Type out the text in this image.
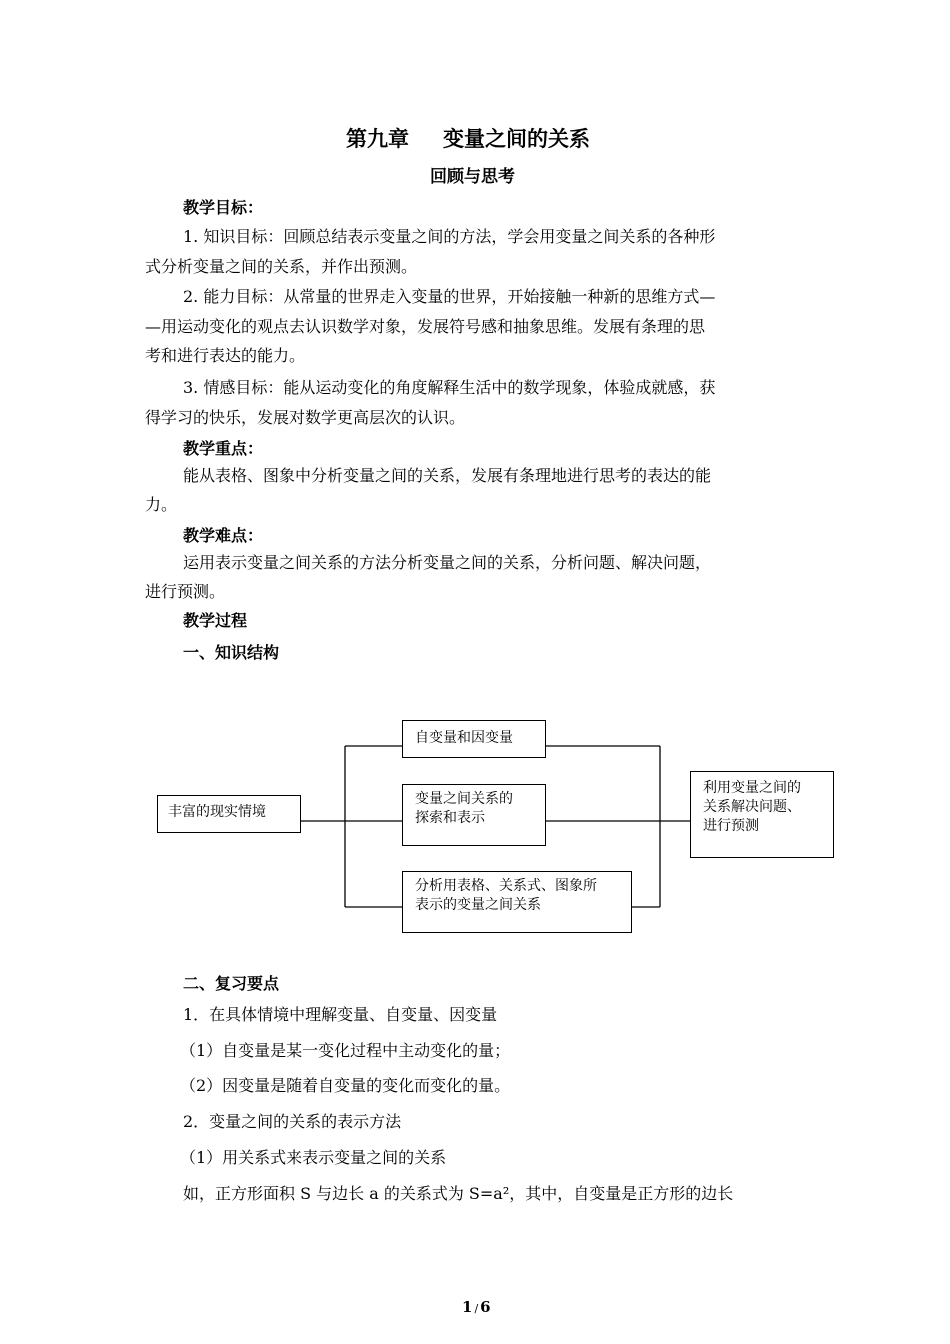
第九章 变量之间的关系
回顾与思考
教学目标：
1. 知识目标：回顾总结表示变量之间的方法，学会用变量之间关系的各种形
式分析变量之间的关系，并作出预测。
2. 能力目标：从常量的世界走入变量的世界，开始接触一种新的思维方式—
—用运动变化的观点去认识数学对象，发展符号感和抽象思维。发展有条理的思
考和进行表达的能力。
3. 情感目标：能从运动变化的角度解释生活中的数学现象，体验成就感，获
得学习的快乐，发展对数学更高层次的认识。
教学重点：
能从表格、图象中分析变量之间的关系，发展有条理地进行思考的表达的能
力。
教学难点：
运用表示变量之间关系的方法分析变量之间的关系，分析问题、解决问题，
进行预测。
教学过程
一、知识结构
丰富的现实情境
自变量和因变量
变量之间关系的
探索和表示
分析用表格、关系式、图象所
表示的变量之间关系
利用变量之间的
关系解决问题、
进行预测
二、复习要点
1．在具体情境中理解变量、自变量、因变量
（1）自变量是某一变化过程中主动变化的量；
（2）因变量是随着自变量的变化而变化的量。
2．变量之间的关系的表示方法
（1）用关系式来表示变量之间的关系
如，正方形面积 S 与边长 a 的关系式为 S=a²，其中，自变量是正方形的边长
1 / 6
